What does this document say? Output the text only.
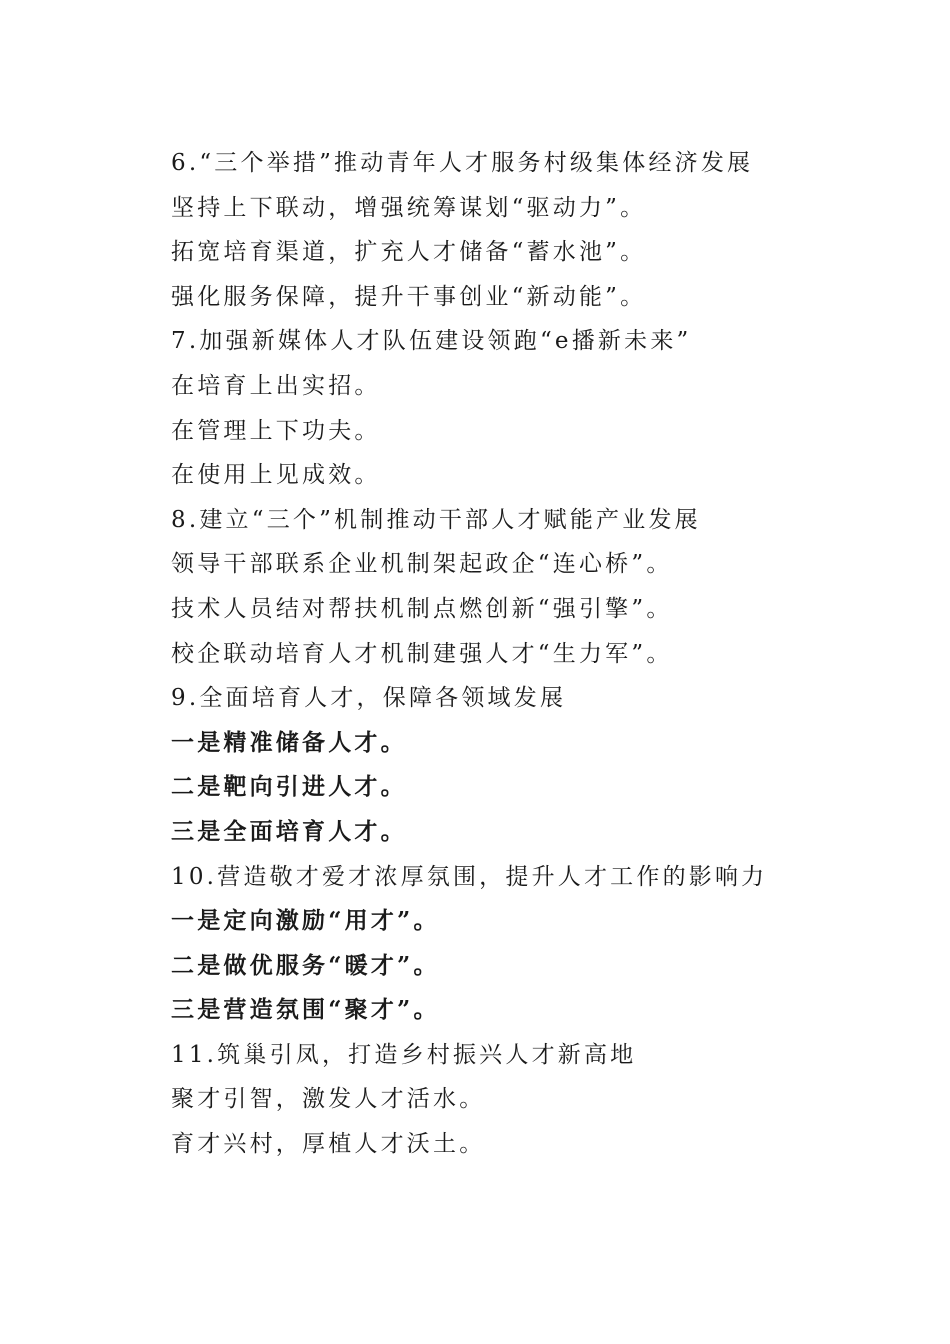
6.“三个举措”推动青年人才服务村级集体经济发展
坚持上下联动，增强统筹谋划“驱动力”。
拓宽培育渠道，扩充人才储备“蓄水池”。
强化服务保障，提升干事创业“新动能”。
7.加强新媒体人才队伍建设领跑“e播新未来”
在培育上出实招。
在管理上下功夫。
在使用上见成效。
8.建立“三个”机制推动干部人才赋能产业发展
领导干部联系企业机制架起政企“连心桥”。
技术人员结对帮扶机制点燃创新“强引擎”。
校企联动培育人才机制建强人才“生力军”。
9.全面培育人才，保障各领域发展
一是精准储备人才。
二是靶向引进人才。
三是全面培育人才。
10.营造敬才爱才浓厚氛围，提升人才工作的影响力
一是定向激励“用才”。
二是做优服务“暖才”。
三是营造氛围“聚才”。
11.筑巢引凤，打造乡村振兴人才新高地
聚才引智，激发人才活水。
育才兴村，厚植人才沃土。
